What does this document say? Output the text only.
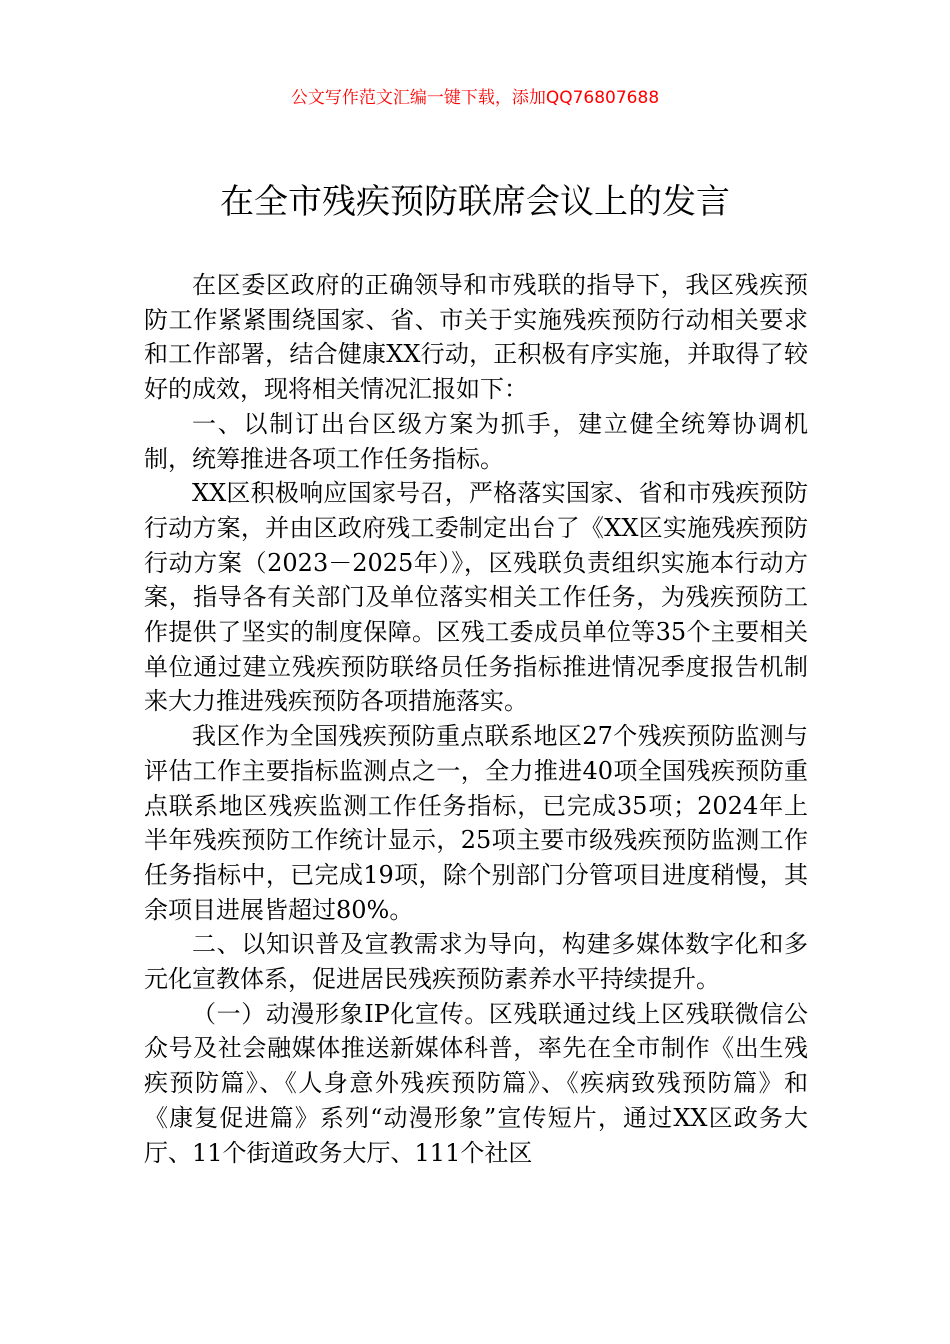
公文写作范文汇编一键下载，添加QQ76807688
在全市残疾预防联席会议上的发言

在区委区政府的正确领导和市残联的指导下，我区残疾预防工作紧紧围绕国家、省、市关于实施残疾预防行动相关要求和工作部署，结合健康XX行动，正积极有序实施，并取得了较好的成效，现将相关情况汇报如下：

一、以制订出台区级方案为抓手，建立健全统筹协调机制，统筹推进各项工作任务指标。

XX区积极响应国家号召，严格落实国家、省和市残疾预防行动方案，并由区政府残工委制定出台了《XX区实施残疾预防行动方案（2023－2025年）》，区残联负责组织实施本行动方案，指导各有关部门及单位落实相关工作任务，为残疾预防工作提供了坚实的制度保障。区残工委成员单位等35个主要相关单位通过建立残疾预防联络员任务指标推进情况季度报告机制来大力推进残疾预防各项措施落实。

我区作为全国残疾预防重点联系地区27个残疾预防监测与评估工作主要指标监测点之一，全力推进40项全国残疾预防重点联系地区残疾监测工作任务指标，已完成35项；2024年上半年残疾预防工作统计显示，25项主要市级残疾预防监测工作任务指标中，已完成19项，除个别部门分管项目进度稍慢，其余项目进展皆超过80%。

二、以知识普及宣教需求为导向，构建多媒体数字化和多元化宣教体系，促进居民残疾预防素养水平持续提升。

（一）动漫形象IP化宣传。区残联通过线上区残联微信公众号及社会融媒体推送新媒体科普，率先在全市制作《出生残疾预防篇》、《人身意外残疾预防篇》、《疾病致残预防篇》和《康复促进篇》系列“动漫形象”宣传短片，通过XX区政务大厅、11个街道政务大厅、111个社区
